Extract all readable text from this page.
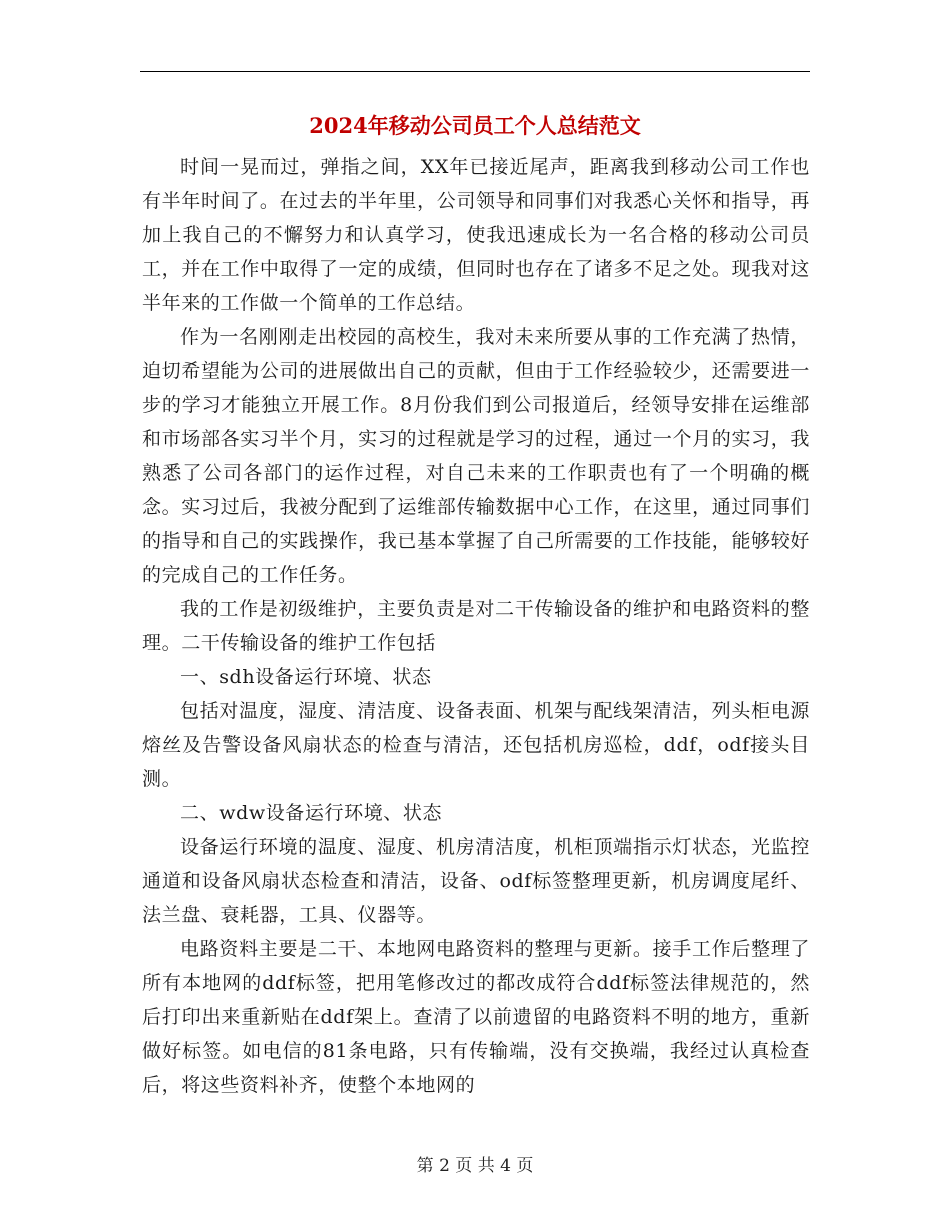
2024年移动公司员工个人总结范文

时间一晃而过，弹指之间，XX年已接近尾声，距离我到移动公司工作也有半年时间了。在过去的半年里，公司领导和同事们对我悉心关怀和指导，再加上我自己的不懈努力和认真学习，使我迅速成长为一名合格的移动公司员工，并在工作中取得了一定的成绩，但同时也存在了诸多不足之处。现我对这半年来的工作做一个简单的工作总结。

作为一名刚刚走出校园的高校生，我对未来所要从事的工作充满了热情，迫切希望能为公司的进展做出自己的贡献，但由于工作经验较少，还需要进一步的学习才能独立开展工作。8月份我们到公司报道后，经领导安排在运维部和市场部各实习半个月，实习的过程就是学习的过程，通过一个月的实习，我熟悉了公司各部门的运作过程，对自己未来的工作职责也有了一个明确的概念。实习过后，我被分配到了运维部传输数据中心工作，在这里，通过同事们的指导和自己的实践操作，我已基本掌握了自己所需要的工作技能，能够较好的完成自己的工作任务。

我的工作是初级维护，主要负责是对二干传输设备的维护和电路资料的整理。二干传输设备的维护工作包括

一、sdh设备运行环境、状态

包括对温度，湿度、清洁度、设备表面、机架与配线架清洁，列头柜电源熔丝及告警设备风扇状态的检查与清洁，还包括机房巡检，ddf，odf接头目测。

二、wdw设备运行环境、状态

设备运行环境的温度、湿度、机房清洁度，机柜顶端指示灯状态，光监控通道和设备风扇状态检查和清洁，设备、odf标签整理更新，机房调度尾纤、法兰盘、衰耗器，工具、仪器等。

电路资料主要是二干、本地网电路资料的整理与更新。接手工作后整理了所有本地网的ddf标签，把用笔修改过的都改成符合ddf标签法律规范的，然后打印出来重新贴在ddf架上。查清了以前遗留的电路资料不明的地方，重新做好标签。如电信的81条电路，只有传输端，没有交换端，我经过认真检查后，将这些资料补齐，使整个本地网的

第 2 页 共 4 页
